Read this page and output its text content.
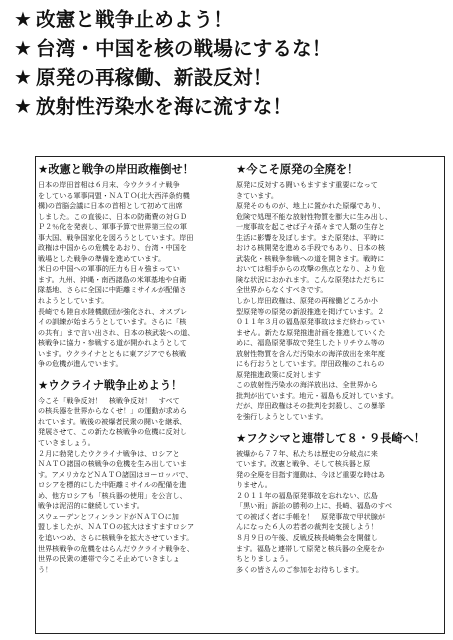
★ 改憲と戦争止めよう！
★ 台湾・中国を核の戦場にするな！
★ 原発の再稼働、新設反対！
★ 放射性汚染水を海に流すな！
★改憲と戦争の岸田政権倒せ！

日本の岸田首相は６月末、今ウクライナ戦争
をしている軍事同盟・ＮＡＴＯ(北大西洋条約機
構)の首脳会議に日本の首相として初めて出席
しました。この直後に、日本の防衛費の対ＧＤ
Ｐ２％化を発表し、軍事予算で世界第三位の軍
事大国、戦争国家化を図ろうとしています。岸田
政権は中国からの危機をあおり、台湾・中国を
戦場とした戦争の準備を進めています。

米日の中国への軍事的圧力も日々強まってい
ます。九州、沖縄・南西諸島の米軍基地や自衛
隊基地、さらに全国に中距離ミサイルが配備さ
れようとしています。

長崎でも陸自水陸機動団が強化され、オスプレ
イの訓練が始まろうとしています。さらに「核
の共有」まで言い出され、日本の核武装への道、
核戦争に協力・参戦する道が開かれようとして
います。ウクライナとともに東アジアでも核戦
争の危機が進んでいます。

★ウクライナ戦争止めよう！

今こそ「戦争反対！　核戦争反対！　すべて
の核兵器を世界からなくせ！」の運動が求めら
れています。戦後の被爆者民衆の闘いを継承、
発展させて、この新たな核戦争の危機に反対し
ていきましょう。

２月に勃発したウクライナ戦争は、ロシアと
ＮＡＴＯ諸国の核戦争の危機を生み出していま
す。アメリカなどＮＡＴＯ諸国はヨーロッパで、
ロシアを標的にした中距離ミサイルの配備を進
め、他方ロシアも「核兵器の使用」を公言し、
戦争は泥沼的に継続しています。

スウェーデンとフィンランドがＮＡＴＯに加
盟しましたが、ＮＡＴＯの拡大はますますロシア
を追いつめ、さらに核戦争を拡大させています。
世界核戦争の危機をはらんだウクライナ戦争を、
世界の民衆の連帯で今こそ止めていきましょ
う！

★今こそ原発の全廃を！

原発に反対する闘いもますます重要になって
きています。

原発そのものが、地上に置かれた原爆であり、
危険で処理不能な放射性物質を膨大に生み出し、
一度事故を起こせば子々孫々まで人類の生存と
生活に影響を及ぼします。また原発は、平時に
おける核開発を進める手段でもあり、日本の核
武装化・核戦争参戦への道を開きます。戦時に
おいては相手からの攻撃の焦点となり、より危
険な状況におかれます。こんな原発はただちに
全世界からなくすべきです。

しかし岸田政権は、原発の再稼働どころか小
型原発等の原発の新設推進を掲げています。２
０１１年３月の福島原発事故はまだ終わってい
ません。新たな原発推進計画を推進していくた
めに、福島原発事故で発生したトリチウム等の
放射性物質を含んだ汚染水の海洋放出を来年度
にも行おうとしています。岸田政権のこれらの
原発推進政策に反対します

この放射性汚染水の海洋放出は、全世界から
批判が出ています。地元・福島も反対しています。
だが、岸田政権はその批判を封殺し、この暴挙
を強行しようとしています。

★フクシマと連帯して８・９長崎へ！

被爆から７７年、私たちは歴史の分岐点に来
ています。改憲と戦争、そして核兵器と原
発の全廃を目指す運動は、今ほど重要な時はあ
りません。

２０１１年の福島原発事故を忘れない、広島
「黒い雨」訴訟の勝利の上に、長崎、福島のすべ
ての被ばく者に手帳を！　原発事故で甲状腺が
んになった６人の若者の裁判を支援しよう！

８月９日の午後、反戦反核長崎集会を開催し
ます。福島と連帯して原発と核兵器の全廃をか
ちとりましょう。

多くの皆さんのご参加をお待ちします。
